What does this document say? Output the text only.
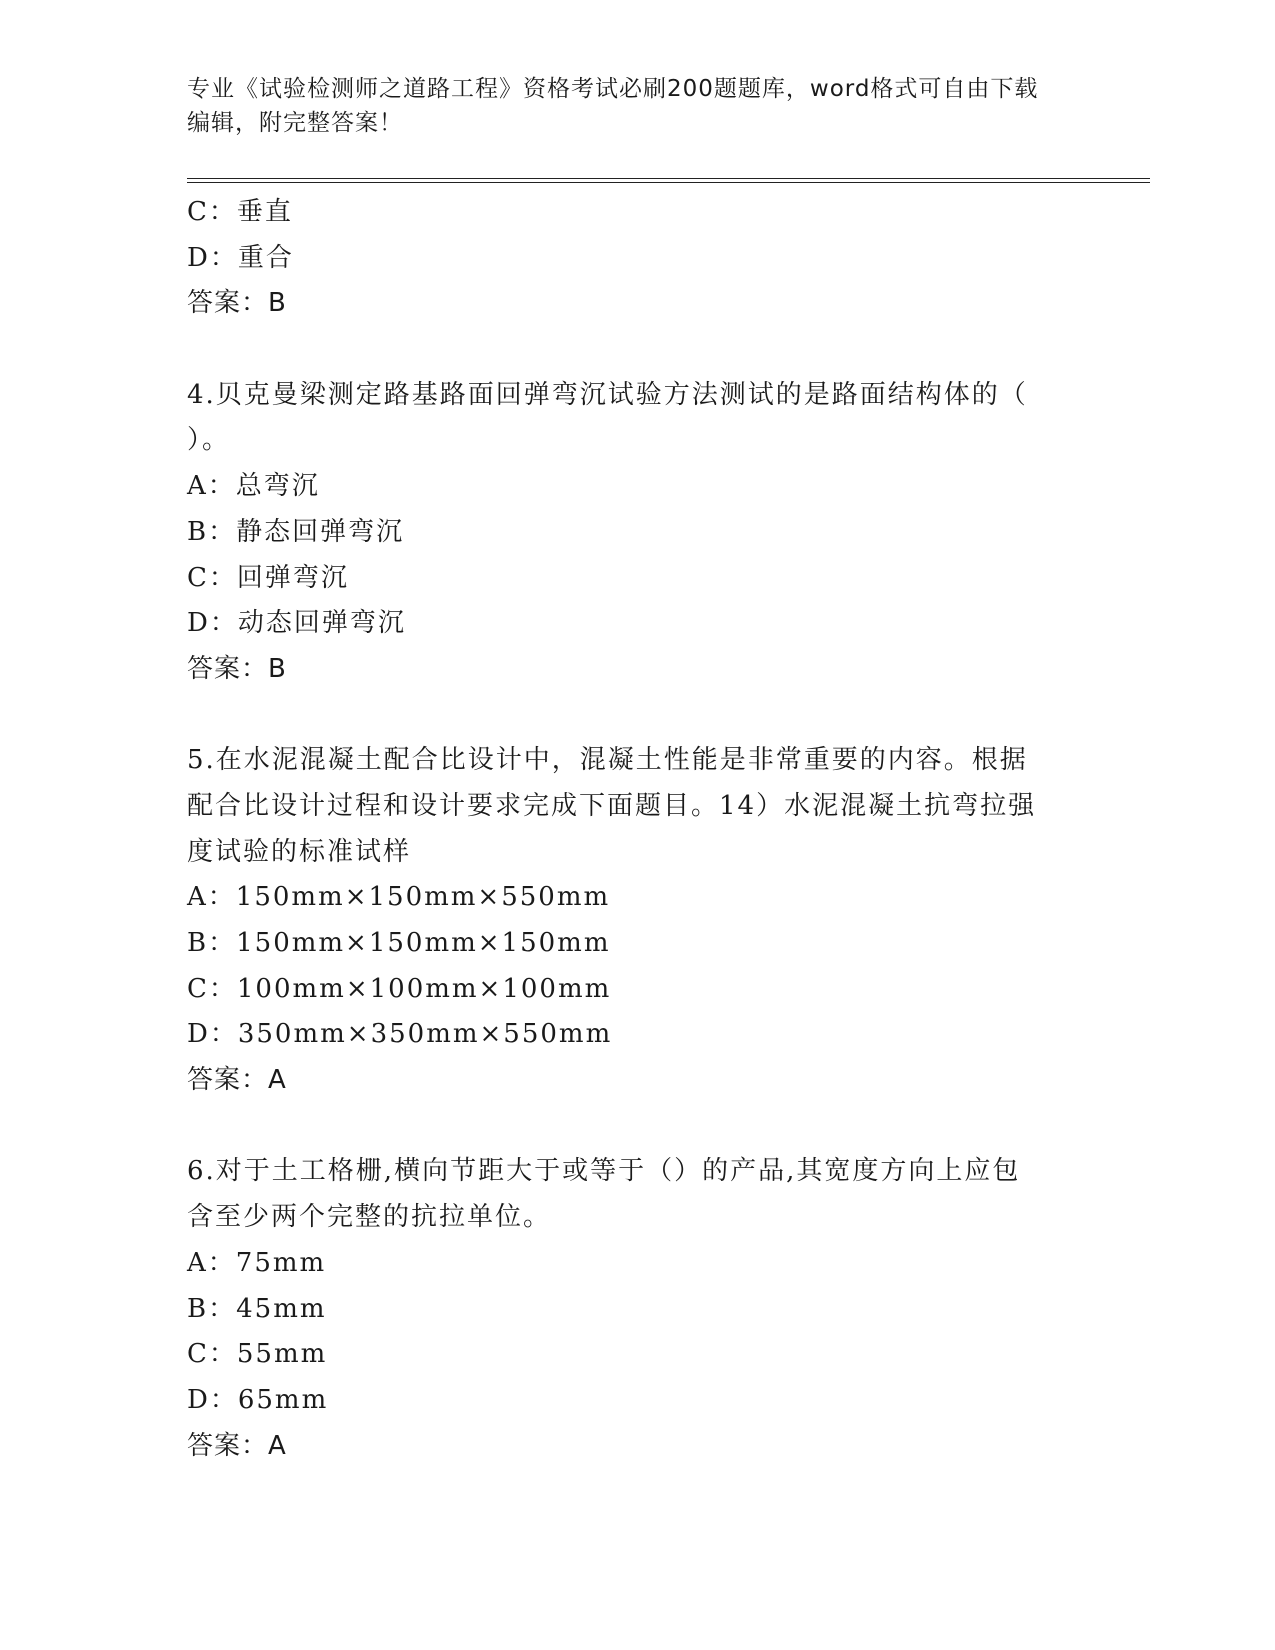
专业《试验检测师之道路工程》资格考试必刷200题题库，word格式可自由下载
编辑，附完整答案！
C：垂直
D：重合
答案：B
4.贝克曼梁测定路基路面回弹弯沉试验方法测试的是路面结构体的（
）。
A：总弯沉
B：静态回弹弯沉
C：回弹弯沉
D：动态回弹弯沉
答案：B
5.在水泥混凝土配合比设计中，混凝土性能是非常重要的内容。根据
配合比设计过程和设计要求完成下面题目。14）水泥混凝土抗弯拉强
度试验的标准试样
A：150mm×150mm×550mm
B：150mm×150mm×150mm
C：100mm×100mm×100mm
D：350mm×350mm×550mm
答案：A
6.对于土工格栅,横向节距大于或等于（）的产品,其宽度方向上应包
含至少两个完整的抗拉单位。
A：75mm
B：45mm
C：55mm
D：65mm
答案：A
